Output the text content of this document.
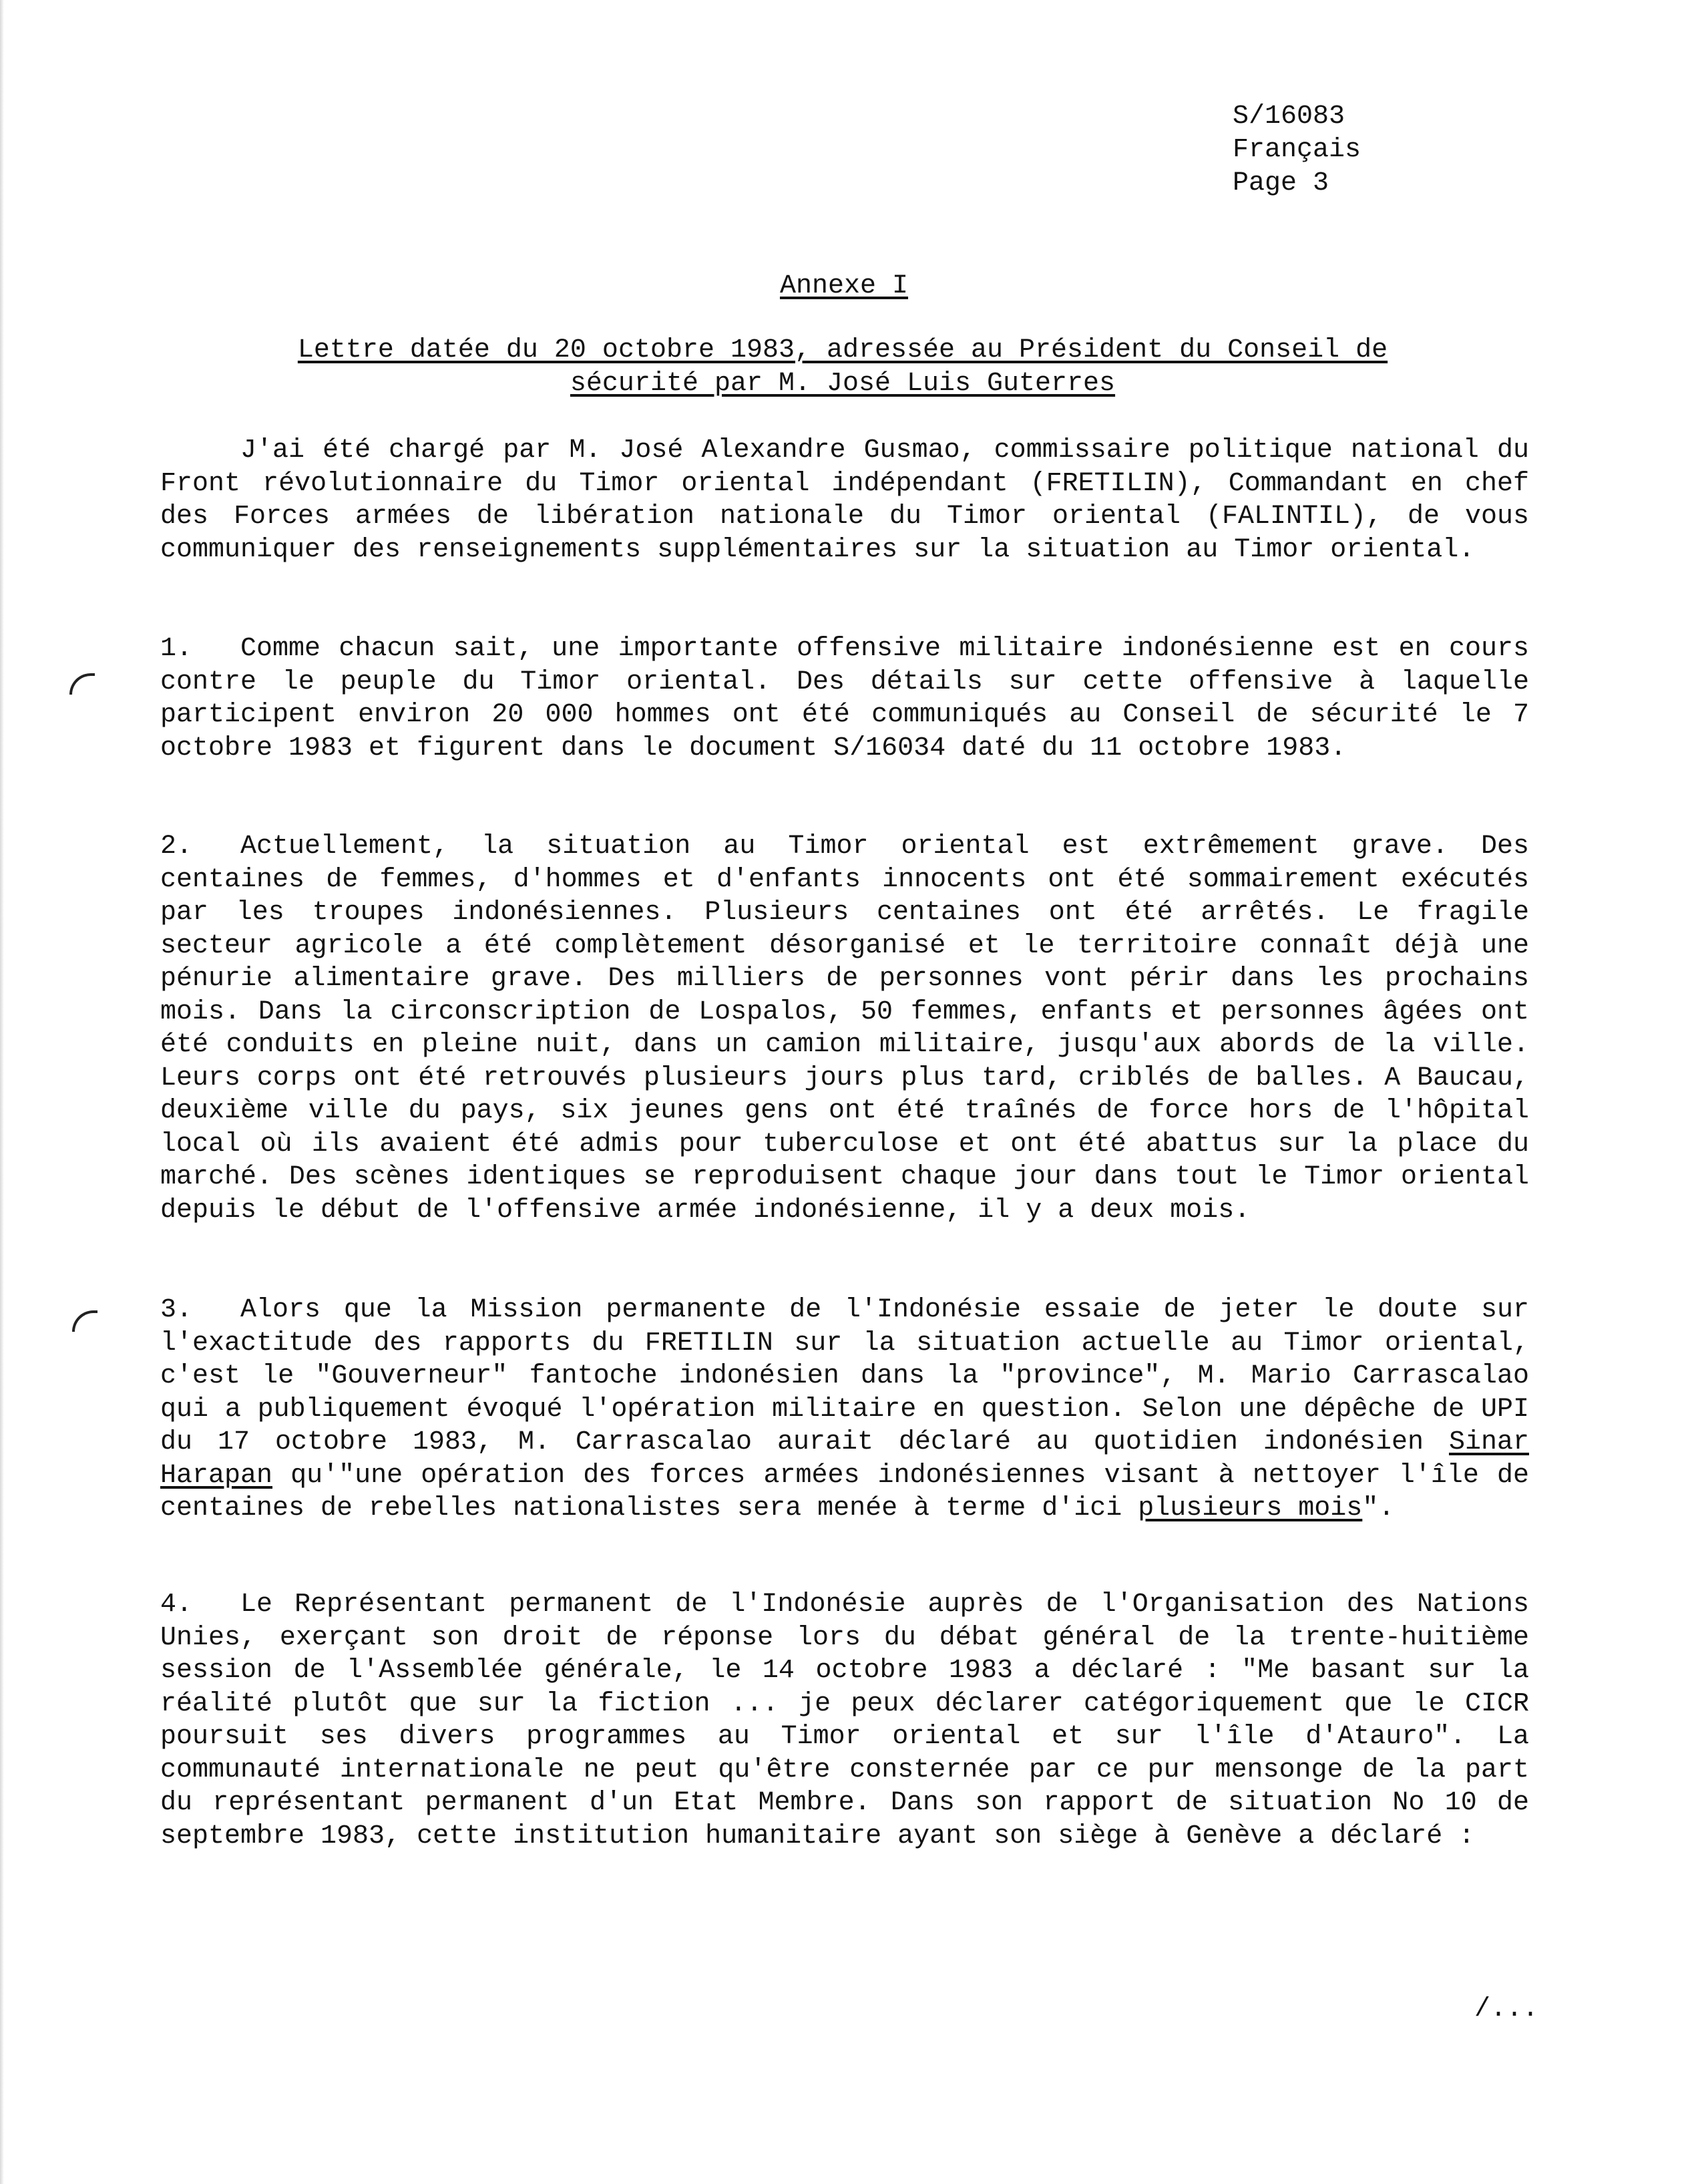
S/16083
Français
Page 3
Annexe I
Lettre datée du 20 octobre 1983, adressée au Président du Conseil de
sécurité par M. José Luis Guterres
J'ai été chargé par M. José Alexandre Gusmao, commissaire politique national du Front révolutionnaire du Timor oriental indépendant (FRETILIN), Commandant en chef des Forces armées de libération nationale du Timor oriental (FALINTIL), de vous communiquer des renseignements supplémentaires sur la situation au Timor oriental.
1. Comme chacun sait, une importante offensive militaire indonésienne est en cours contre le peuple du Timor oriental. Des détails sur cette offensive à laquelle participent environ 20 000 hommes ont été communiqués au Conseil de sécurité le 7 octobre 1983 et figurent dans le document S/16034 daté du 11 octobre 1983.
2. Actuellement, la situation au Timor oriental est extrêmement grave. Des centaines de femmes, d'hommes et d'enfants innocents ont été sommairement exécutés par les troupes indonésiennes. Plusieurs centaines ont été arrêtés. Le fragile secteur agricole a été complètement désorganisé et le territoire connaît déjà une pénurie alimentaire grave. Des milliers de personnes vont périr dans les prochains mois. Dans la circonscription de Lospalos, 50 femmes, enfants et personnes âgées ont été conduits en pleine nuit, dans un camion militaire, jusqu'aux abords de la ville. Leurs corps ont été retrouvés plusieurs jours plus tard, criblés de balles. A Baucau, deuxième ville du pays, six jeunes gens ont été traînés de force hors de l'hôpital local où ils avaient été admis pour tuberculose et ont été abattus sur la place du marché. Des scènes identiques se reproduisent chaque jour dans tout le Timor oriental depuis le début de l'offensive armée indonésienne, il y a deux mois.
3. Alors que la Mission permanente de l'Indonésie essaie de jeter le doute sur l'exactitude des rapports du FRETILIN sur la situation actuelle au Timor oriental, c'est le "Gouverneur" fantoche indonésien dans la "province", M. Mario Carrascalao qui a publiquement évoqué l'opération militaire en question. Selon une dépêche de UPI du 17 octobre 1983, M. Carrascalao aurait déclaré au quotidien indonésien Sinar Harapan qu'"une opération des forces armées indonésiennes visant à nettoyer l'île de centaines de rebelles nationalistes sera menée à terme d'ici plusieurs mois".
4. Le Représentant permanent de l'Indonésie auprès de l'Organisation des Nations Unies, exerçant son droit de réponse lors du débat général de la trente-huitième session de l'Assemblée générale, le 14 octobre 1983 a déclaré : "Me basant sur la réalité plutôt que sur la fiction ... je peux déclarer catégoriquement que le CICR poursuit ses divers programmes au Timor oriental et sur l'île d'Atauro". La communauté internationale ne peut qu'être consternée par ce pur mensonge de la part du représentant permanent d'un Etat Membre. Dans son rapport de situation No 10 de septembre 1983, cette institution humanitaire ayant son siège à Genève a déclaré :
/...
